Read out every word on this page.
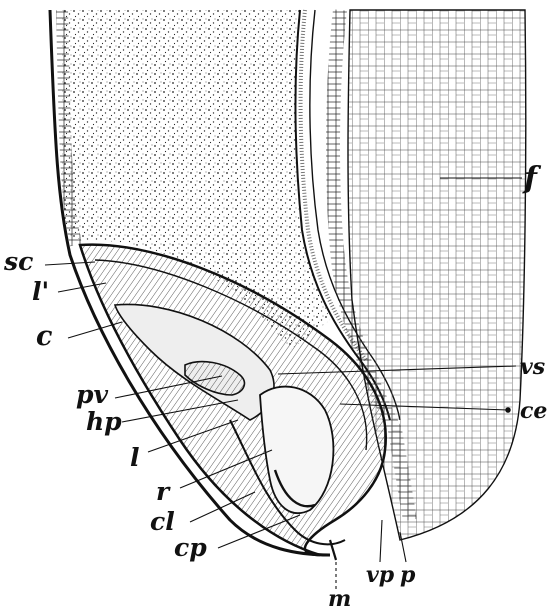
sc
l'
c
pv
hp
l
r
cl
cp
m
vp p
vs
ce
f
